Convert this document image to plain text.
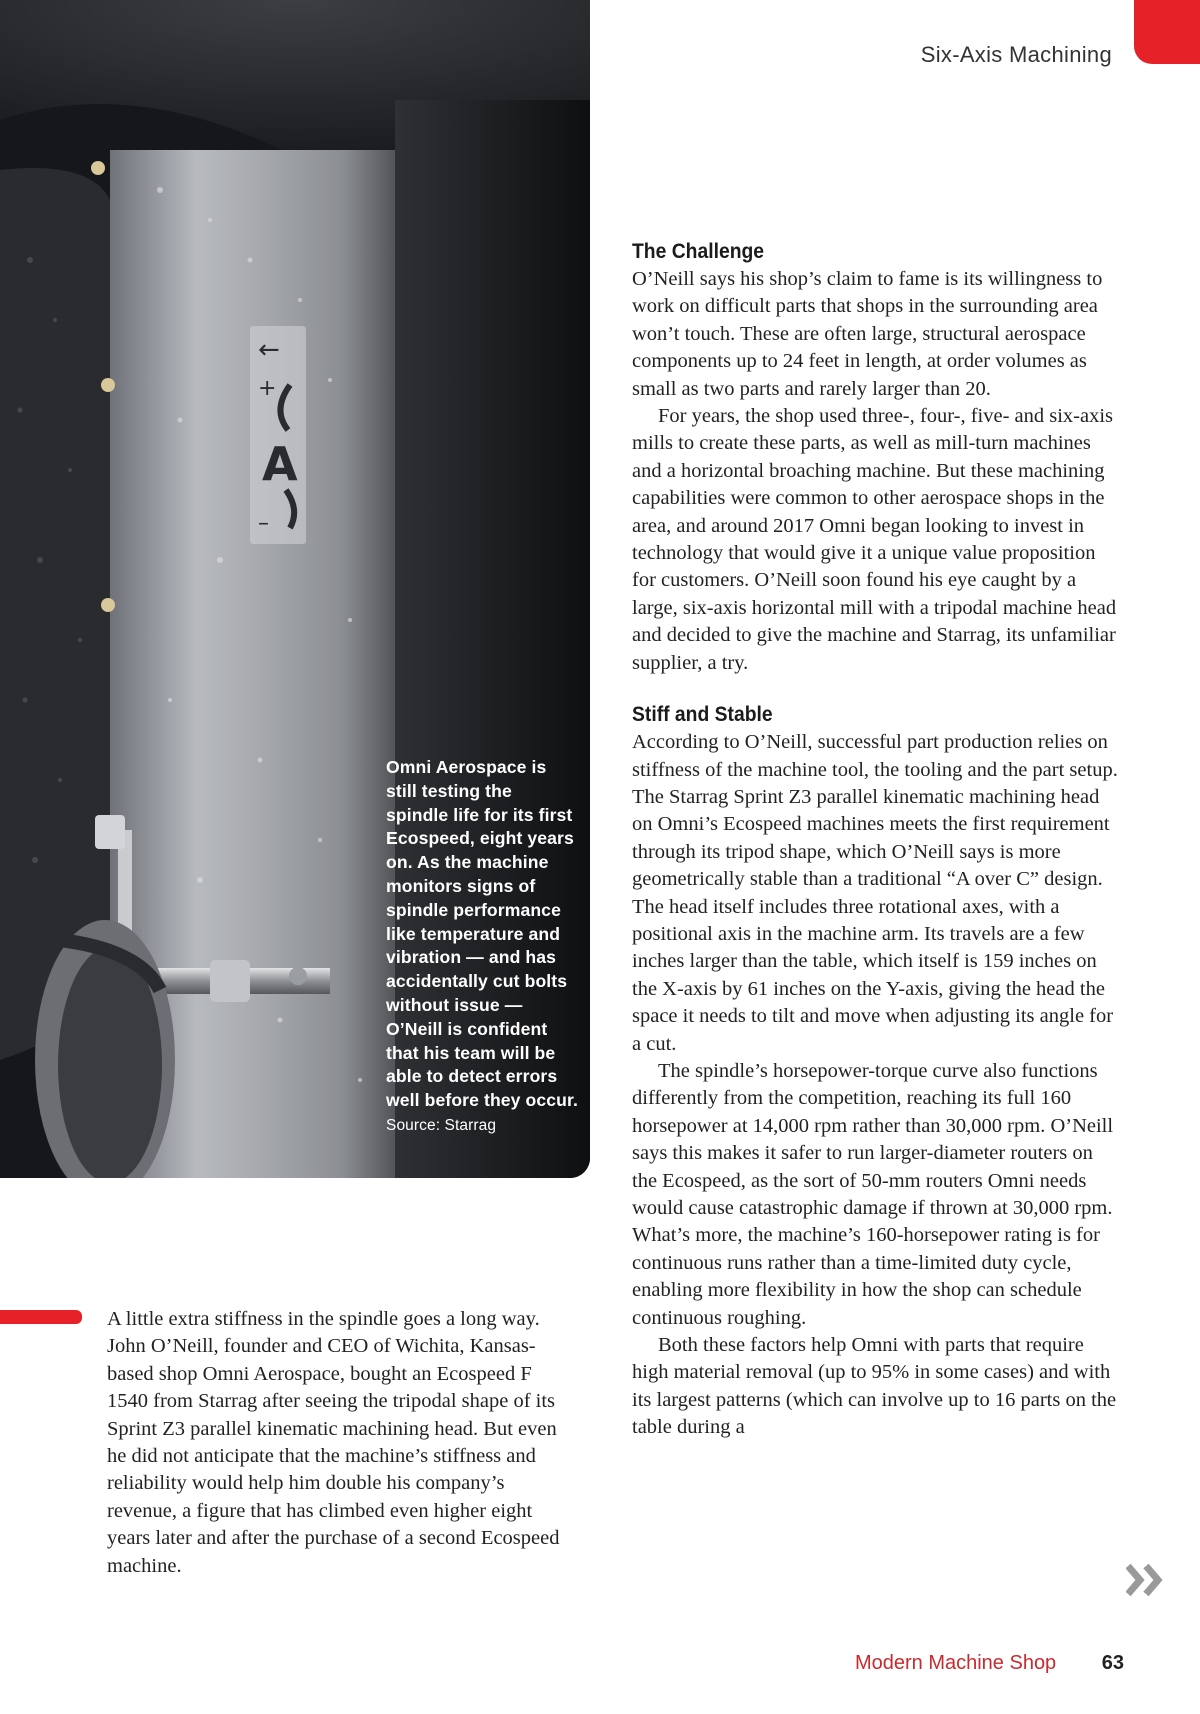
←
+
A
–
Omni Aerospace is still testing the spindle life for its first Ecospeed, eight years on. As the machine monitors signs of spindle performance like temperature and vibration — and has accidentally cut bolts without issue — O’Neill is confident that his team will be able to detect errors well before they occur. Source: Starrag
Six-Axis Machining
The Challenge

O’Neill says his shop’s claim to fame is its willingness to work on difficult parts that shops in the surrounding area won’t touch. These are often large, structural aerospace components up to 24 feet in length, at order volumes as small as two parts and rarely larger than 20.

For years, the shop used three-, four-, five- and six-axis mills to create these parts, as well as mill-turn machines and a horizontal broaching machine. But these machining capabilities were common to other aerospace shops in the area, and around 2017 Omni began looking to invest in technology that would give it a unique value proposition for customers. O’Neill soon found his eye caught by a large, six-axis horizontal mill with a tripodal machine head and decided to give the machine and Starrag, its unfamiliar supplier, a try.

Stiff and Stable

According to O’Neill, successful part production relies on stiffness of the machine tool, the tooling and the part setup. The Starrag Sprint Z3 parallel kinematic machining head on Omni’s Ecospeed machines meets the first requirement through its tripod shape, which O’Neill says is more geometrically stable than a traditional “A over C” design. The head itself includes three rotational axes, with a positional axis in the machine arm. Its travels are a few inches larger than the table, which itself is 159 inches on the X-axis by 61 inches on the Y-axis, giving the head the space it needs to tilt and move when adjusting its angle for a cut.

The spindle’s horsepower-torque curve also functions differently from the competition, reaching its full 160 horsepower at 14,000 rpm rather than 30,000 rpm. O’Neill says this makes it safer to run larger-diameter routers on the Ecospeed, as the sort of 50-mm routers Omni needs would cause catastrophic damage if thrown at 30,000 rpm. What’s more, the machine’s 160-horsepower rating is for continuous runs rather than a time-limited duty cycle, enabling more flexibility in how the shop can schedule continuous roughing.

Both these factors help Omni with parts that require high material removal (up to 95% in some cases) and with its largest patterns (which can involve up to 16 parts on the table during a

A little extra stiffness in the spindle goes a long way. John O’Neill, founder and CEO of Wichita, Kansas-based shop Omni Aerospace, bought an Ecospeed F 1540 from Starrag after seeing the tripodal shape of its Sprint Z3 parallel kinematic machining head. But even he did not anticipate that the machine’s stiffness and reliability would help him double his company’s revenue, a figure that has climbed even higher eight years later and after the purchase of a second Ecospeed machine.

Modern Machine Shop 63
